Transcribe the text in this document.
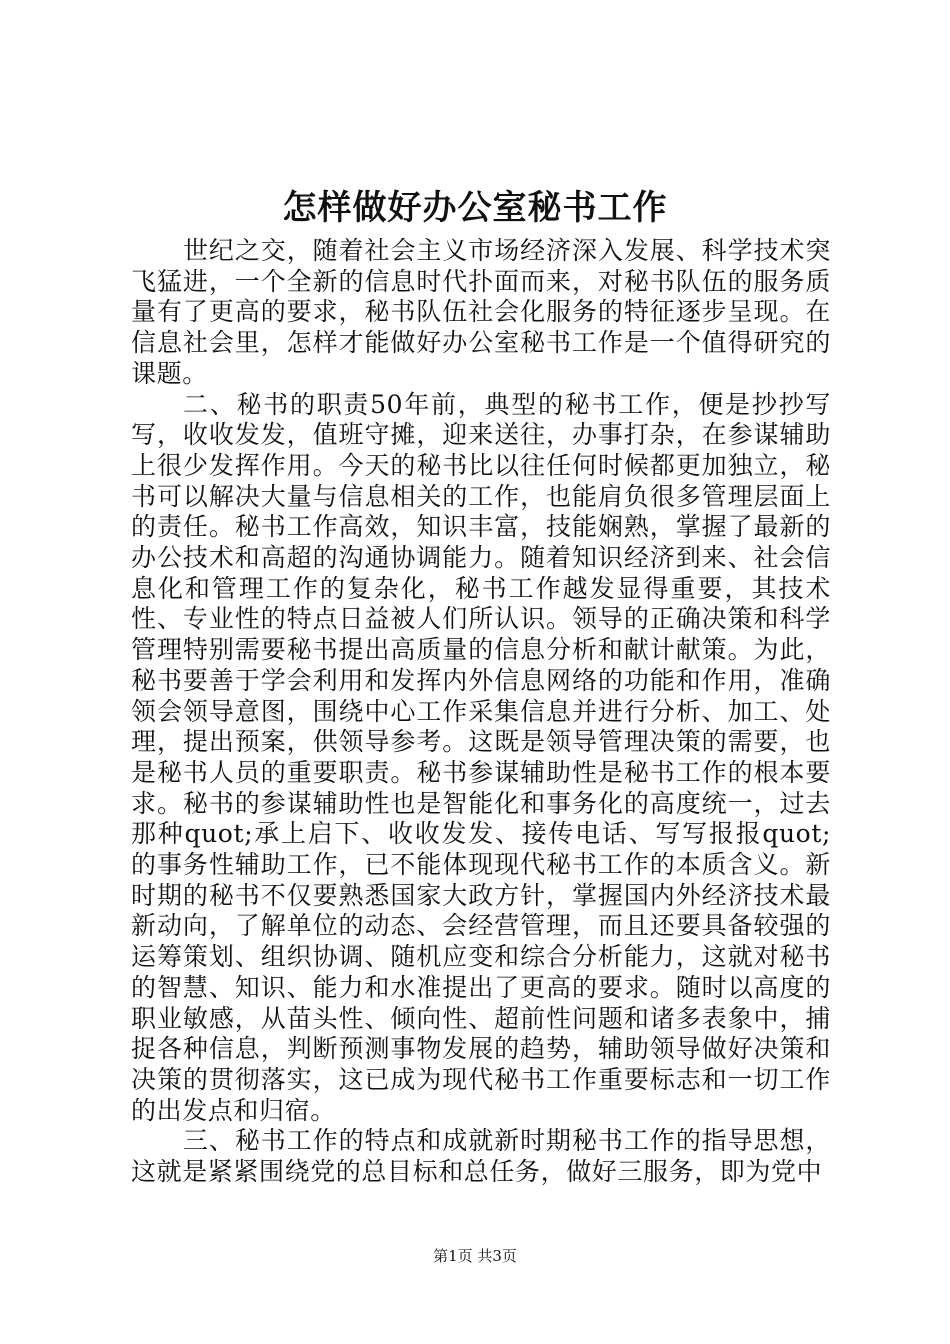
怎样做好办公室秘书工作

世纪之交，随着社会主义市场经济深入发展、科学技术突飞猛进，一个全新的信息时代扑面而来，对秘书队伍的服务质量有了更高的要求，秘书队伍社会化服务的特征逐步呈现。在信息社会里，怎样才能做好办公室秘书工作是一个值得研究的课题。

二、秘书的职责50年前，典型的秘书工作，便是抄抄写写，收收发发，值班守摊，迎来送往，办事打杂，在参谋辅助上很少发挥作用。今天的秘书比以往任何时候都更加独立，秘书可以解决大量与信息相关的工作，也能肩负很多管理层面上的责任。秘书工作高效，知识丰富，技能娴熟，掌握了最新的办公技术和高超的沟通协调能力。随着知识经济到来、社会信息化和管理工作的复杂化，秘书工作越发显得重要，其技术性、专业性的特点日益被人们所认识。领导的正确决策和科学管理特别需要秘书提出高质量的信息分析和献计献策。为此，秘书要善于学会利用和发挥内外信息网络的功能和作用，准确领会领导意图，围绕中心工作采集信息并进行分析、加工、处理，提出预案，供领导参考。这既是领导管理决策的需要，也是秘书人员的重要职责。秘书参谋辅助性是秘书工作的根本要求。秘书的参谋辅助性也是智能化和事务化的高度统一，过去那种quot;承上启下、收收发发、接传电话、写写报报quot;的事务性辅助工作，已不能体现现代秘书工作的本质含义。新时期的秘书不仅要熟悉国家大政方针，掌握国内外经济技术最新动向，了解单位的动态、会经营管理，而且还要具备较强的运筹策划、组织协调、随机应变和综合分析能力，这就对秘书的智慧、知识、能力和水准提出了更高的要求。随时以高度的职业敏感，从苗头性、倾向性、超前性问题和诸多表象中，捕捉各种信息，判断预测事物发展的趋势，辅助领导做好决策和决策的贯彻落实，这已成为现代秘书工作重要标志和一切工作的出发点和归宿。

三、秘书工作的特点和成就新时期秘书工作的指导思想，这就是紧紧围绕党的总目标和总任务，做好三服务，即为党中

第1页 共3页
